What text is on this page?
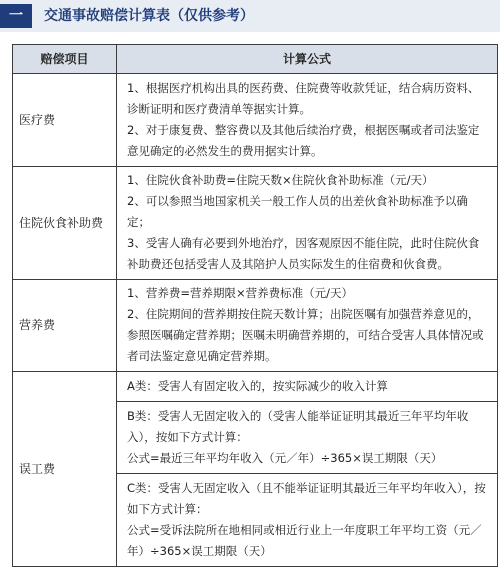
一	交通事故赔偿计算表（仅供参考）
赔偿项目	计算公式
医疗费	1、根据医疗机构出具的医药费、住院费等收款凭证，结合病历资料、诊断证明和医疗费清单等据实计算。
2、对于康复费、整容费以及其他后续治疗费，根据医嘱或者司法鉴定意见确定的必然发生的费用据实计算。

住院伙食补助费	1、住院伙食补助费=住院天数×住院伙食补助标准（元/天）
2、可以参照当地国家机关一般工作人员的出差伙食补助标准予以确定；
3、受害人确有必要到外地治疗，因客观原因不能住院，此时住院伙食补助费还包括受害人及其陪护人员实际发生的住宿费和伙食费。

营养费	1、营养费=营养期限×营养费标准（元/天）
2、住院期间的营养期按住院天数计算；出院医嘱有加强营养意见的，参照医嘱确定营养期；医嘱未明确营养期的，可结合受害人具体情况或者司法鉴定意见确定营养期。

误工费	A类：受害人有固定收入的，按实际减少的收入计算
B类：受害人无固定收入的（受害人能举证证明其最近三年平均年收入），按如下方式计算：
公式=最近三年平均年收入（元／年）÷365×误工期限（天）
C类：受害人无固定收入（且不能举证证明其最近三年平均年收入），按如下方式计算：
公式=受诉法院所在地相同或相近行业上一年度职工年平均工资（元／年）÷365×误工期限（天）
